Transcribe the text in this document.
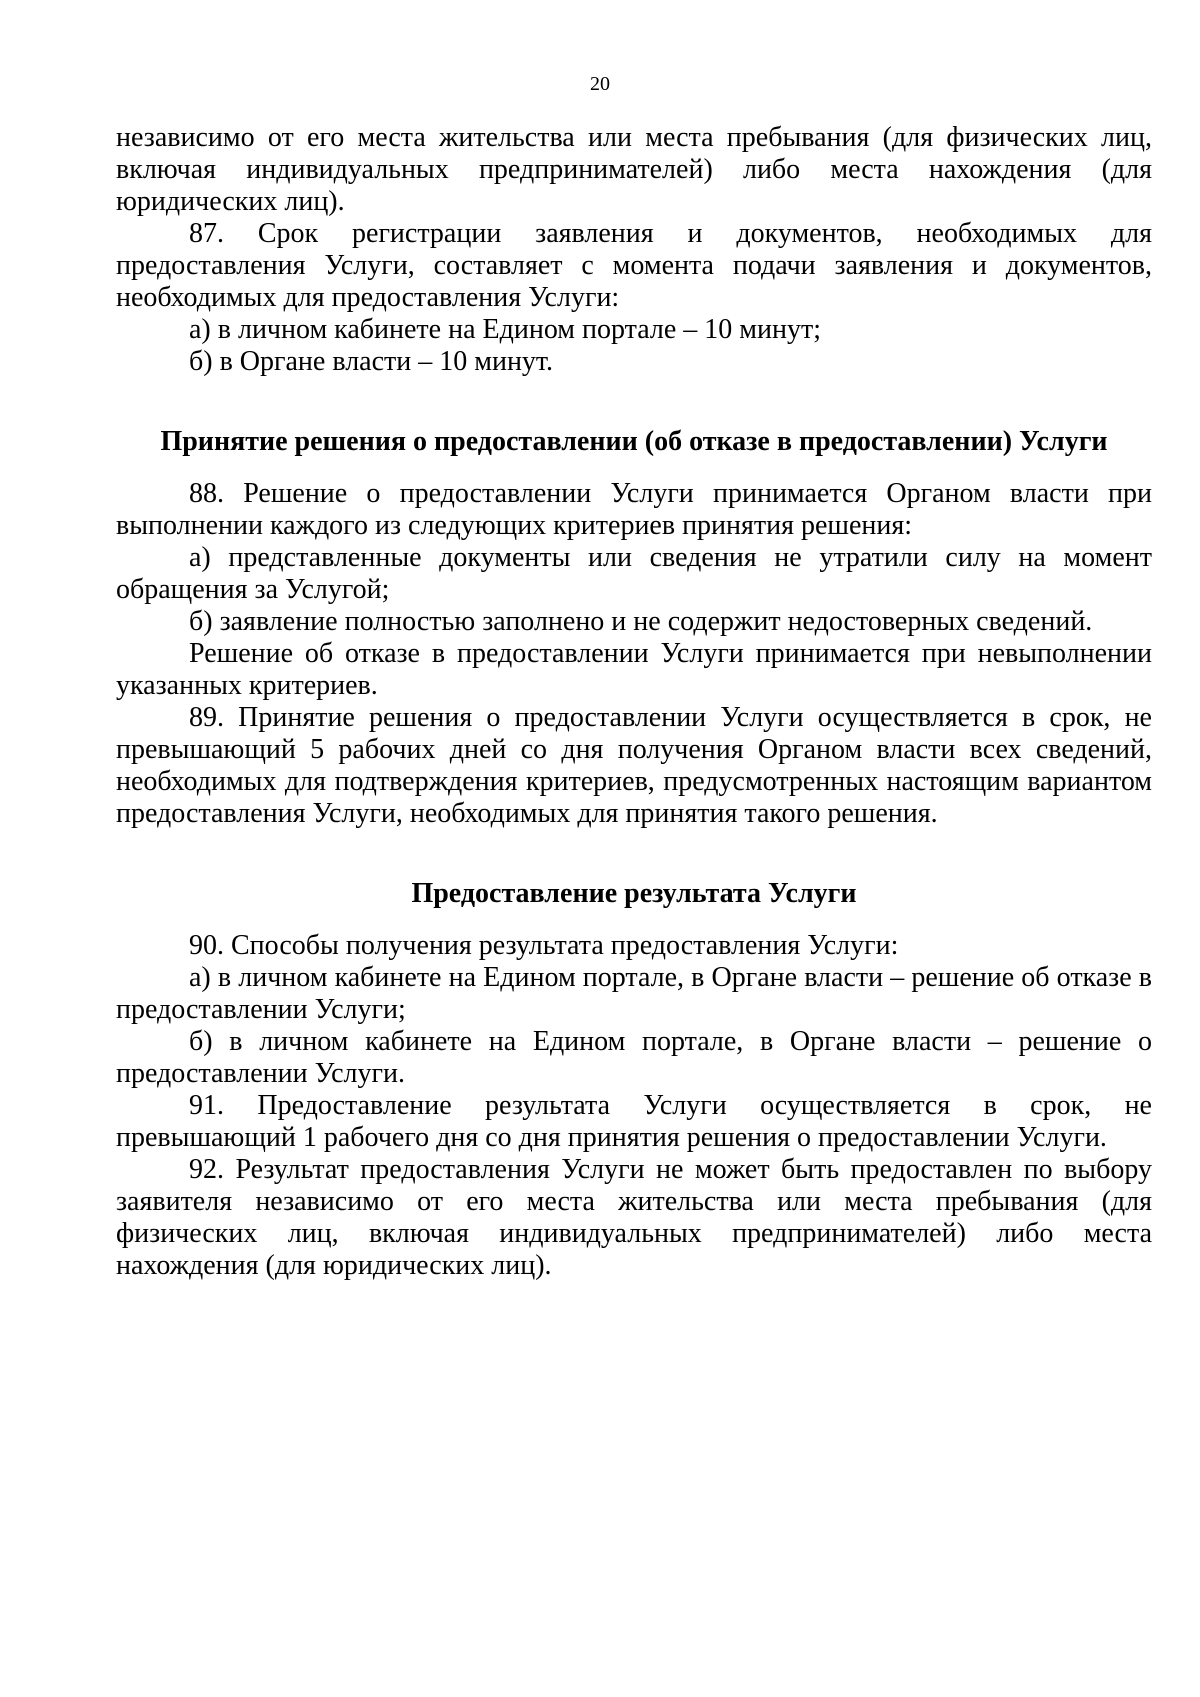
20

независимо от его места жительства или места пребывания (для физических лиц, включая индивидуальных предпринимателей) либо места нахождения (для юридических лиц).

87. Срок регистрации заявления и документов, необходимых для предоставления Услуги, составляет с момента подачи заявления и документов, необходимых для предоставления Услуги:

а) в личном кабинете на Едином портале – 10 минут;

б) в Органе власти – 10 минут.

Принятие решения о предоставлении (об отказе в предоставлении) Услуги

88. Решение о предоставлении Услуги принимается Органом власти при выполнении каждого из следующих критериев принятия решения:

а) представленные документы или сведения не утратили силу на момент обращения за Услугой;

б) заявление полностью заполнено и не содержит недостоверных сведений.

Решение об отказе в предоставлении Услуги принимается при невыполнении указанных критериев.

89. Принятие решения о предоставлении Услуги осуществляется в срок, не превышающий 5 рабочих дней со дня получения Органом власти всех сведений, необходимых для подтверждения критериев, предусмотренных настоящим вариантом предоставления Услуги, необходимых для принятия такого решения.

Предоставление результата Услуги

90. Способы получения результата предоставления Услуги:

а) в личном кабинете на Едином портале, в Органе власти – решение об отказе в предоставлении Услуги;

б) в личном кабинете на Едином портале, в Органе власти – решение о предоставлении Услуги.

91. Предоставление результата Услуги осуществляется в срок, не превышающий 1 рабочего дня со дня принятия решения о предоставлении Услуги.

92. Результат предоставления Услуги не может быть предоставлен по выбору заявителя независимо от его места жительства или места пребывания (для физических лиц, включая индивидуальных предпринимателей) либо места нахождения (для юридических лиц).
